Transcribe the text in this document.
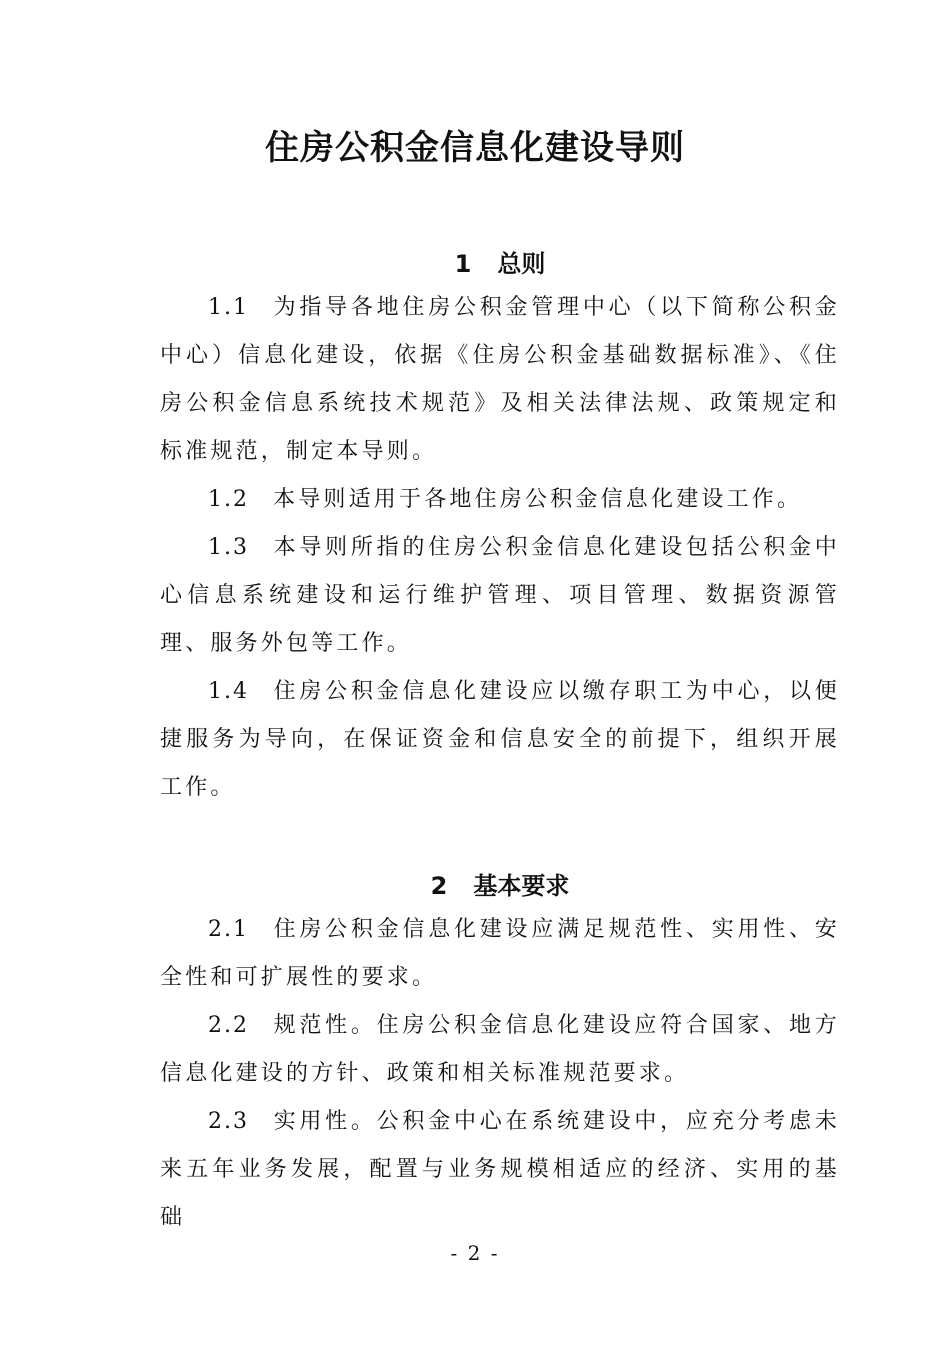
住房公积金信息化建设导则
1 总则

1.1 为指导各地住房公积金管理中心（以下简称公积金中心）信息化建设，依据《住房公积金基础数据标准》、《住房公积金信息系统技术规范》及相关法律法规、政策规定和标准规范，制定本导则。

1.2 本导则适用于各地住房公积金信息化建设工作。

1.3 本导则所指的住房公积金信息化建设包括公积金中心信息系统建设和运行维护管理、项目管理、数据资源管理、服务外包等工作。

1.4 住房公积金信息化建设应以缴存职工为中心，以便捷服务为导向，在保证资金和信息安全的前提下，组织开展工作。

2 基本要求

2.1 住房公积金信息化建设应满足规范性、实用性、安全性和可扩展性的要求。

2.2 规范性。住房公积金信息化建设应符合国家、地方信息化建设的方针、政策和相关标准规范要求。

2.3 实用性。公积金中心在系统建设中，应充分考虑未来五年业务发展，配置与业务规模相适应的经济、实用的基础

- 2 -
